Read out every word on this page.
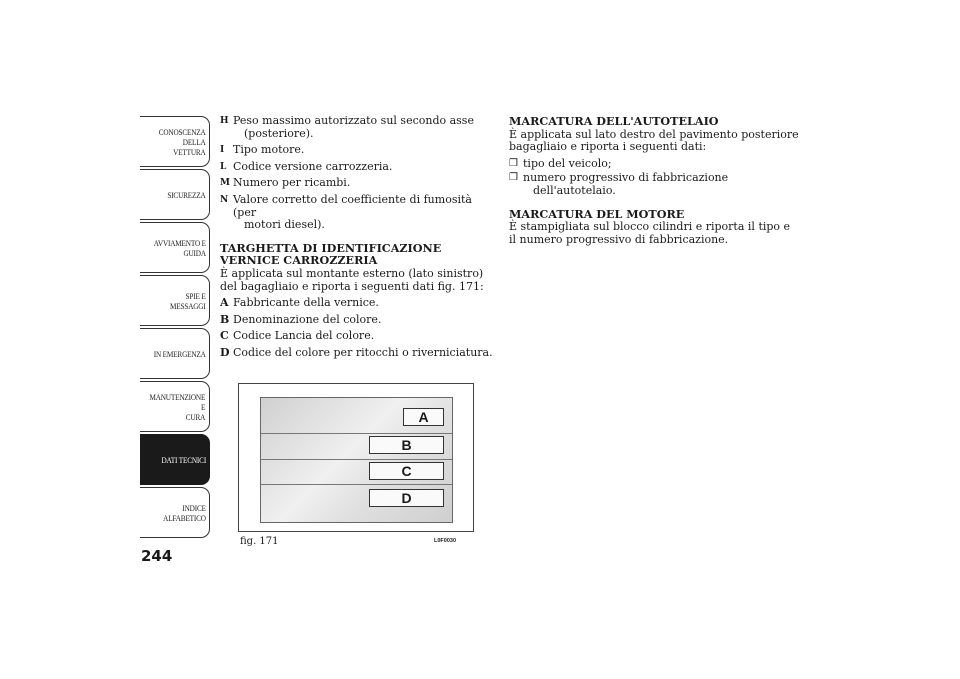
CONOSCENZA
DELLA VETTURA
SICUREZZA
AVVIAMENTO E
GUIDA
SPIE E MESSAGGI
IN EMERGENZA
MANUTENZIONE E
CURA
DATI TECNICI
INDICE
ALFABETICO
244
H Peso massimo autorizzato sul secondo asse
(posteriore).
I Tipo motore.
L Codice versione carrozzeria.
M Numero per ricambi.
N Valore corretto del coefficiente di fumosità (per
motori diesel).
TARGHETTA DI IDENTIFICAZIONE VERNICE CARROZZERIA

È applicata sul montante esterno (lato sinistro) del bagagliaio e riporta i seguenti dati fig. 171:

A Fabbricante della vernice.
B Denominazione del colore.
C Codice Lancia del colore.
D Codice del colore per ritocchi o riverniciatura.
MARCATURA DELL'AUTOTELAIO

È applicata sul lato destro del pavimento posteriore bagagliaio e riporta i seguenti dati:

❒ tipo del veicolo;
❒ numero progressivo di fabbricazione
dell'autotelaio.
MARCATURA DEL MOTORE

È stampigliata sul blocco cilindri e riporta il tipo e il numero progressivo di fabbricazione.

A
B
C
D
fig. 171	L0F0030
